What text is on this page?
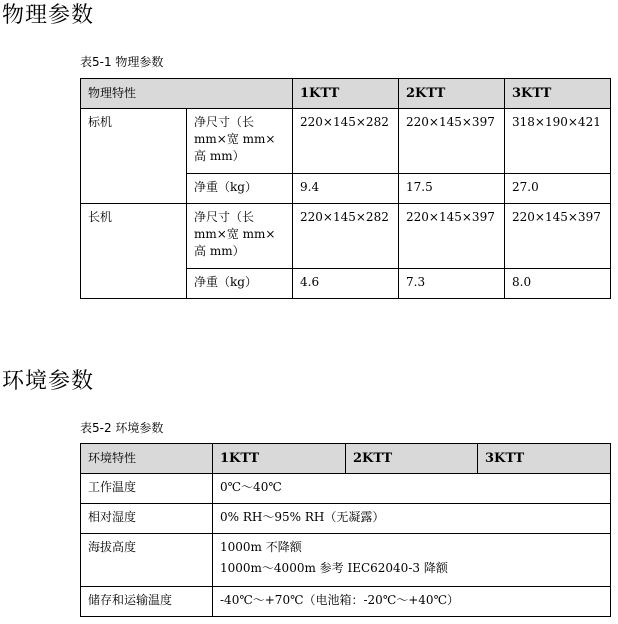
物理参数

表5-1 物理参数

物理特性		1KTT	2KTT	3KTT
标机	净尺寸（长 mm×宽 mm×高 mm）	220×145×282	220×145×397	318×190×421
	净重（kg）	9.4	17.5	27.0
长机	净尺寸（长 mm×宽 mm×高 mm）	220×145×282	220×145×397	220×145×397
	净重（kg）	4.6	7.3	8.0
环境参数

表5-2 环境参数

环境特性	1KTT	2KTT	3KTT
工作温度	0℃～40℃		
相对湿度	0% RH～95% RH（无凝露）		
海拔高度	1000m 不降额
1000m～4000m 参考 IEC62040-3 降额		

储存和运输温度	-40℃～+70℃（电池箱：-20℃～+40℃）		
